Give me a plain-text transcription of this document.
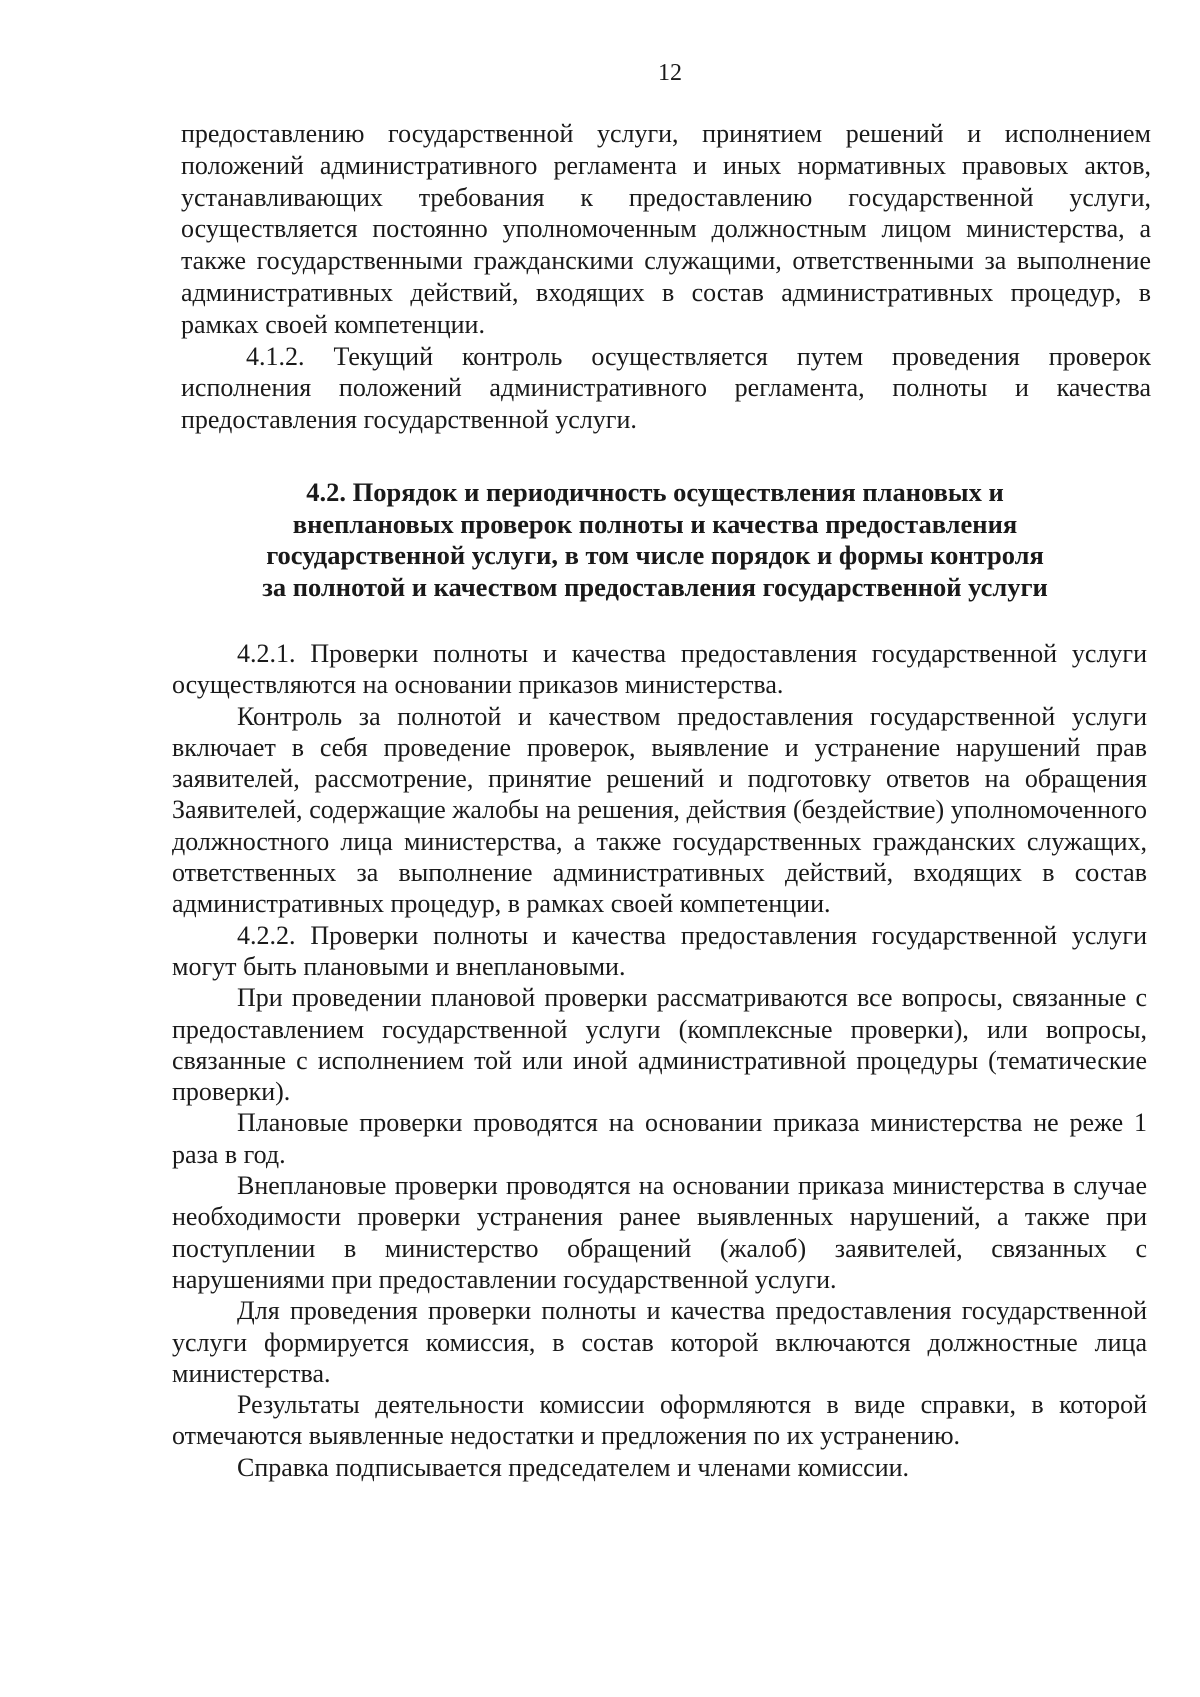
12

предоставлению государственной услуги, принятием решений и исполнением положений административного регламента и иных нормативных правовых актов, устанавливающих требования к предоставлению государственной услуги, осуществляется постоянно уполномоченным должностным лицом министерства, а также государственными гражданскими служащими, ответственными за выполнение административных действий, входящих в состав административных процедур, в рамках своей компетенции.

4.1.2. Текущий контроль осуществляется путем проведения проверок исполнения положений административного регламента, полноты и качества предоставления государственной услуги.

4.2. Порядок и периодичность осуществления плановых и
внеплановых проверок полноты и качества предоставления
государственной услуги, в том числе порядок и формы контроля
за полнотой и качеством предоставления государственной услуги

4.2.1. Проверки полноты и качества предоставления государственной услуги осуществляются на основании приказов министерства.

Контроль за полнотой и качеством предоставления государственной услуги включает в себя проведение проверок, выявление и устранение нарушений прав заявителей, рассмотрение, принятие решений и подготовку ответов на обращения Заявителей, содержащие жалобы на решения, действия (бездействие) уполномоченного должностного лица министерства, а также государственных гражданских служащих, ответственных за выполнение административных действий, входящих в состав административных процедур, в рамках своей компетенции.

4.2.2. Проверки полноты и качества предоставления государственной услуги могут быть плановыми и внеплановыми.

При проведении плановой проверки рассматриваются все вопросы, связанные с предоставлением государственной услуги (комплексные проверки), или вопросы, связанные с исполнением той или иной административной процедуры (тематические проверки).

Плановые проверки проводятся на основании приказа министерства не реже 1 раза в год.

Внеплановые проверки проводятся на основании приказа министерства в случае необходимости проверки устранения ранее выявленных нарушений, а также при поступлении в министерство обращений (жалоб) заявителей, связанных с нарушениями при предоставлении государственной услуги.

Для проведения проверки полноты и качества предоставления государственной услуги формируется комиссия, в состав которой включаются должностные лица министерства.

Результаты деятельности комиссии оформляются в виде справки, в которой отмечаются выявленные недостатки и предложения по их устранению.

Справка подписывается председателем и членами комиссии.
